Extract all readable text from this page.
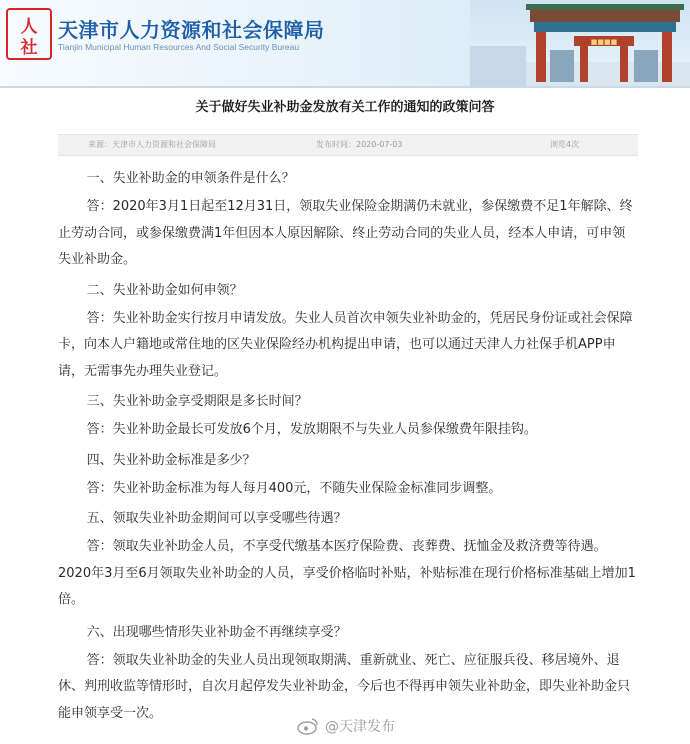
人
社
天津市人力资源和社会保障局
Tianjin Municipal Human Resources And Social Security Bureau	■■■■
关于做好失业补助金发放有关工作的通知的政策问答
来源：天津市人力资源和社会保障局	发布时间：2020-07-03	浏览4次

一、失业补助金的申领条件是什么？

答：2020年3月1日起至12月31日，领取失业保险金期满仍未就业，参保缴费不足1年解除、终止劳动合同，或参保缴费满1年但因本人原因解除、终止劳动合同的失业人员，经本人申请，可申领失业补助金。

二、失业补助金如何申领？

答：失业补助金实行按月申请发放。失业人员首次申领失业补助金的，凭居民身份证或社会保障卡，向本人户籍地或常住地的区失业保险经办机构提出申请，也可以通过天津人力社保手机APP申请，无需事先办理失业登记。

三、失业补助金享受期限是多长时间？

答：失业补助金最长可发放6个月，发放期限不与失业人员参保缴费年限挂钩。

四、失业补助金标准是多少？

答：失业补助金标准为每人每月400元，不随失业保险金标准同步调整。

五、领取失业补助金期间可以享受哪些待遇？

答：领取失业补助金人员，不享受代缴基本医疗保险费、丧葬费、抚恤金及救济费等待遇。2020年3月至6月领取失业补助金的人员，享受价格临时补贴，补贴标准在现行价格标准基础上增加1倍。

六、出现哪些情形失业补助金不再继续享受？

答：领取失业补助金的失业人员出现领取期满、重新就业、死亡、应征服兵役、移居境外、退休、判刑收监等情形时，自次月起停发失业补助金，今后也不得再申领失业补助金，即失业补助金只能申领享受一次。

@天津发布
